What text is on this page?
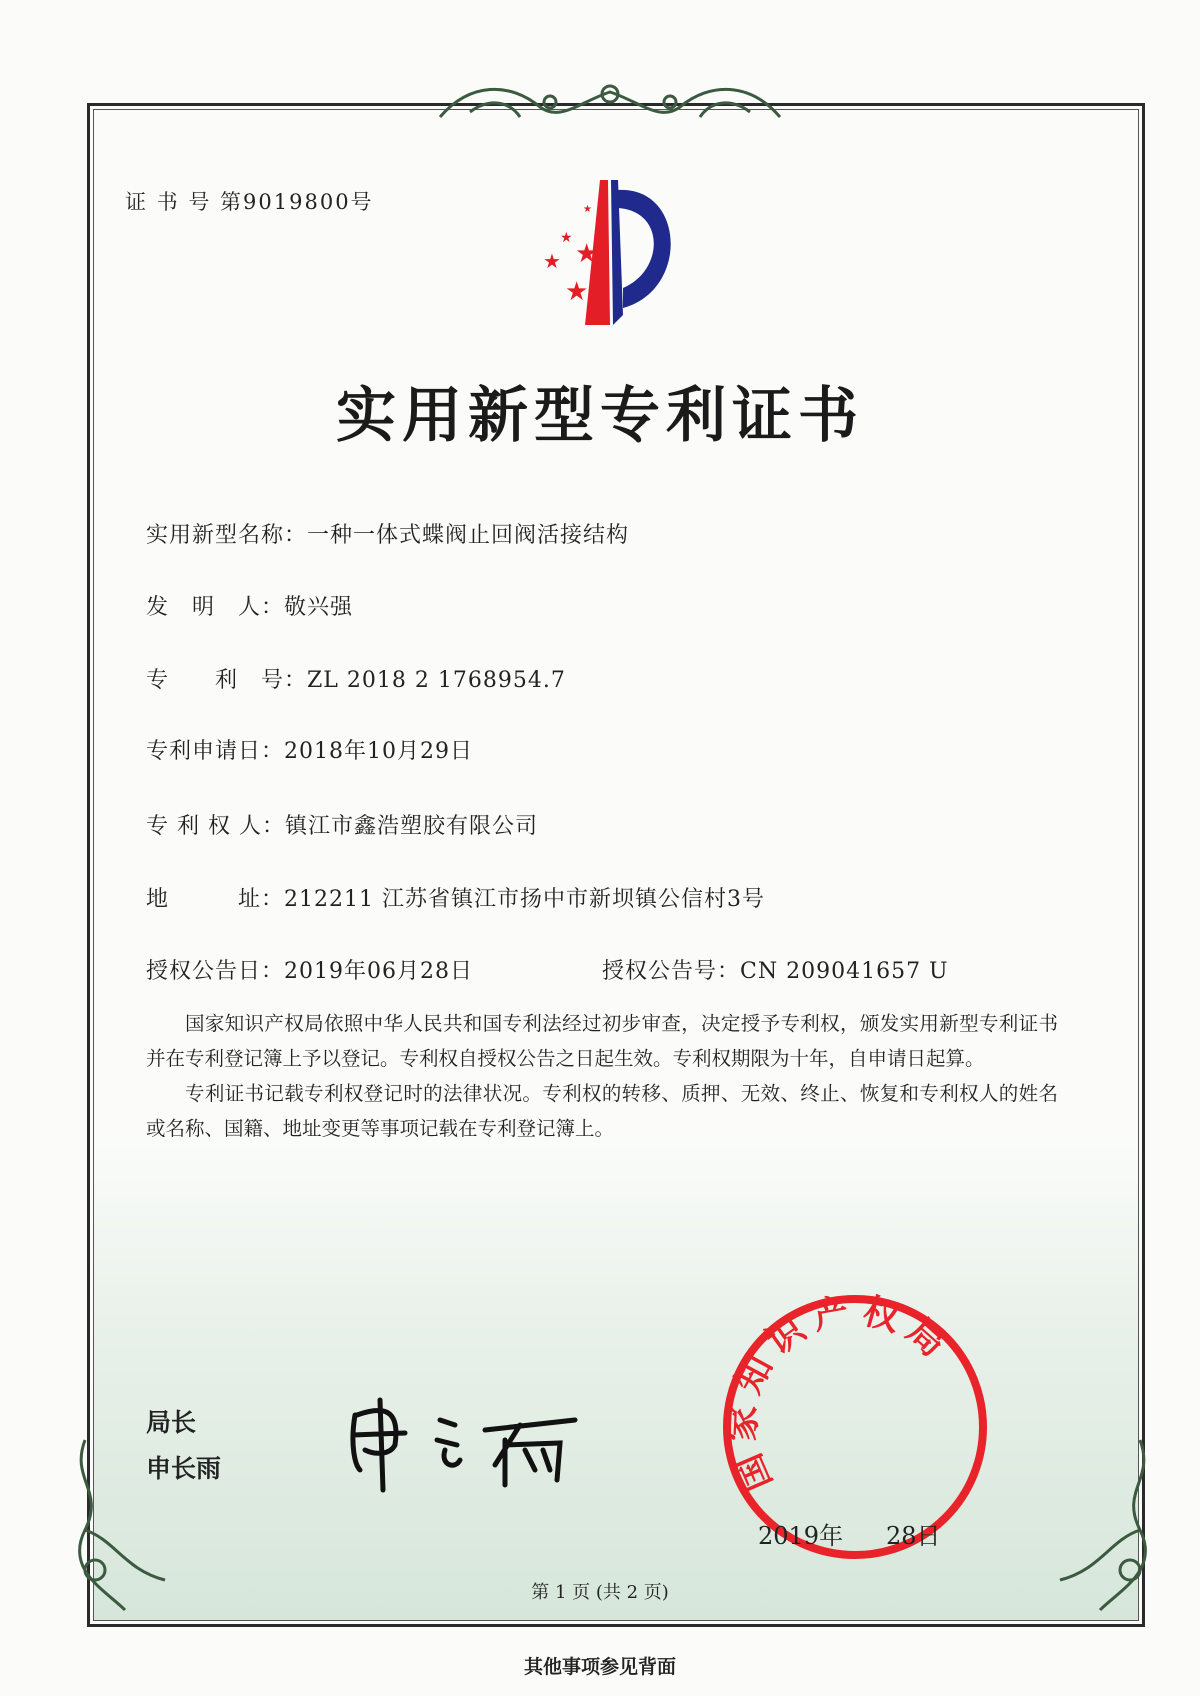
证 书 号 第9019800号
★
★
★
★
★
实用新型专利证书
实用新型名称：一种一体式蝶阀止回阀活接结构
发　明　人：敬兴强
专　　利　号：ZL 2018 2 1768954.7
专利申请日：2018年10月29日
专 利 权 人：镇江市鑫浩塑胶有限公司
地　　　址：212211 江苏省镇江市扬中市新坝镇公信村3号
授权公告日：2019年06月28日	授权公告号：CN 209041657 U

国家知识产权局依照中华人民共和国专利法经过初步审查，决定授予专利权，颁发实用新型专利证书并在专利登记簿上予以登记。专利权自授权公告之日起生效。专利权期限为十年，自申请日起算。

专利证书记载专利权登记时的法律状况。专利权的转移、质押、无效、终止、恢复和专利权人的姓名或名称、国籍、地址变更等事项记载在专利登记簿上。

局长
申长雨	国家知识产权局
2019年 28日
第 1 页 (共 2 页)
其他事项参见背面
